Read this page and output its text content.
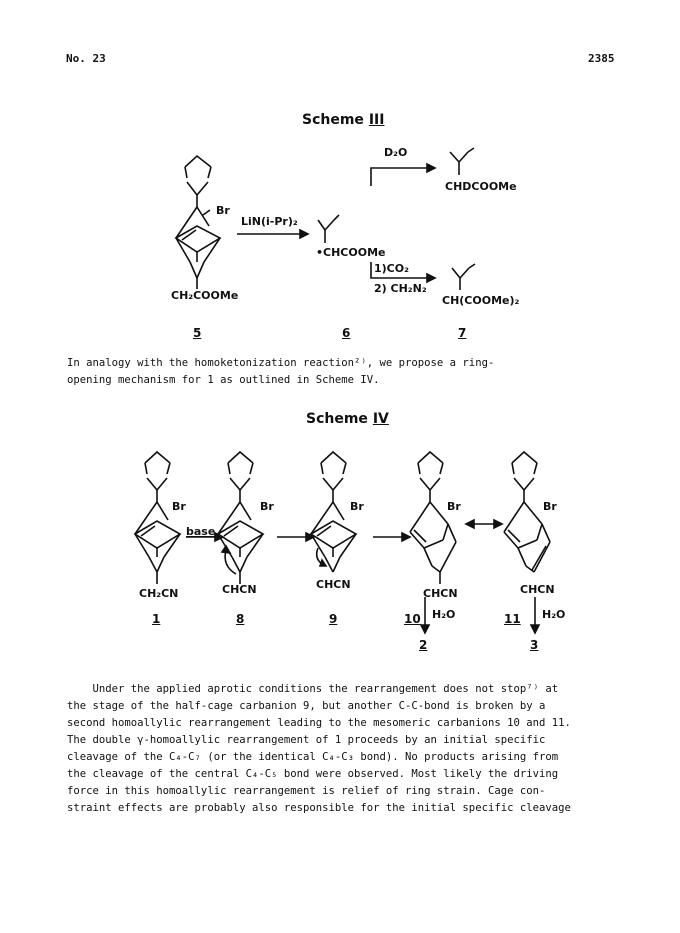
No. 23	2385
Scheme III
Br
LiN(i-Pr)₂
CH₂COOMe
D₂O
CHDCOOMe
•CHCOOMe
1)CO₂
2) CH₂N₂
CH(COOMe)₂
5	6	7
In analogy with the homoketonization reaction²⁾, we propose a ring-
opening mechanism for 1 as outlined in Scheme IV.
Scheme IV
Br	Br	Br	Br	Br
base
CH₂CN	CHCN	CHCN
CHCN	CHCN
H₂O	H₂O
1	8	9	10	11
2	3
Under the applied aprotic conditions the rearrangement does not stop⁷⁾ at
the stage of the half-cage carbanion 9, but another C-C-bond is broken by a
second homoallylic rearrangement leading to the mesomeric carbanions 10 and 11.
The double γ-homoallylic rearrangement of 1 proceeds by an initial specific
cleavage of the C₄-C₇ (or the identical C₄-C₃ bond). No products arising from
the cleavage of the central C₄-C₅ bond were observed. Most likely the driving
force in this homoallylic rearrangement is relief of ring strain. Cage con-
straint effects are probably also responsible for the initial specific cleavage
